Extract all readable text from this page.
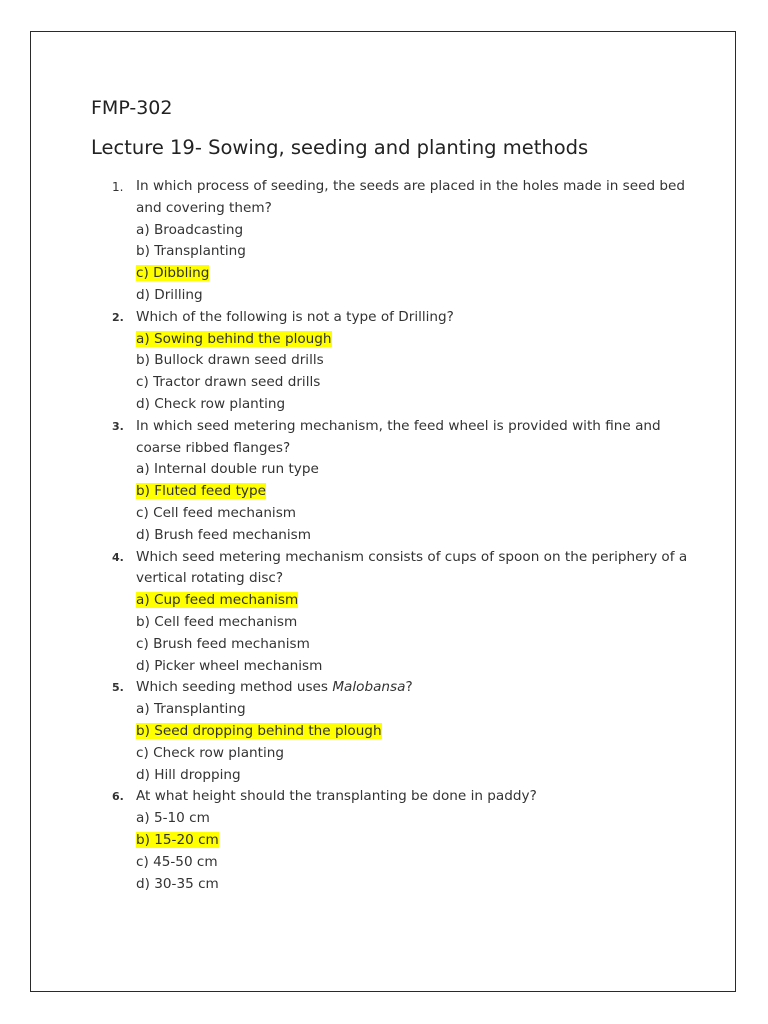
FMP-302
Lecture 19- Sowing, seeding and planting methods
1. In which process of seeding, the seeds are placed in the holes made in seed bed and covering them?
a) Broadcasting
b) Transplanting
c) Dibbling
d) Drilling
2. Which of the following is not a type of Drilling?
a) Sowing behind the plough
b) Bullock drawn seed drills
c) Tractor drawn seed drills
d) Check row planting
3. In which seed metering mechanism, the feed wheel is provided with fine and coarse ribbed flanges?
a) Internal double run type
b) Fluted feed type
c) Cell feed mechanism
d) Brush feed mechanism
4. Which seed metering mechanism consists of cups of spoon on the periphery of a vertical rotating disc?
a) Cup feed mechanism
b) Cell feed mechanism
c) Brush feed mechanism
d) Picker wheel mechanism
5. Which seeding method uses Malobansa?
a) Transplanting
b) Seed dropping behind the plough
c) Check row planting
d) Hill dropping
6. At what height should the transplanting be done in paddy?
a) 5-10 cm
b) 15-20 cm
c) 45-50 cm
d) 30-35 cm
